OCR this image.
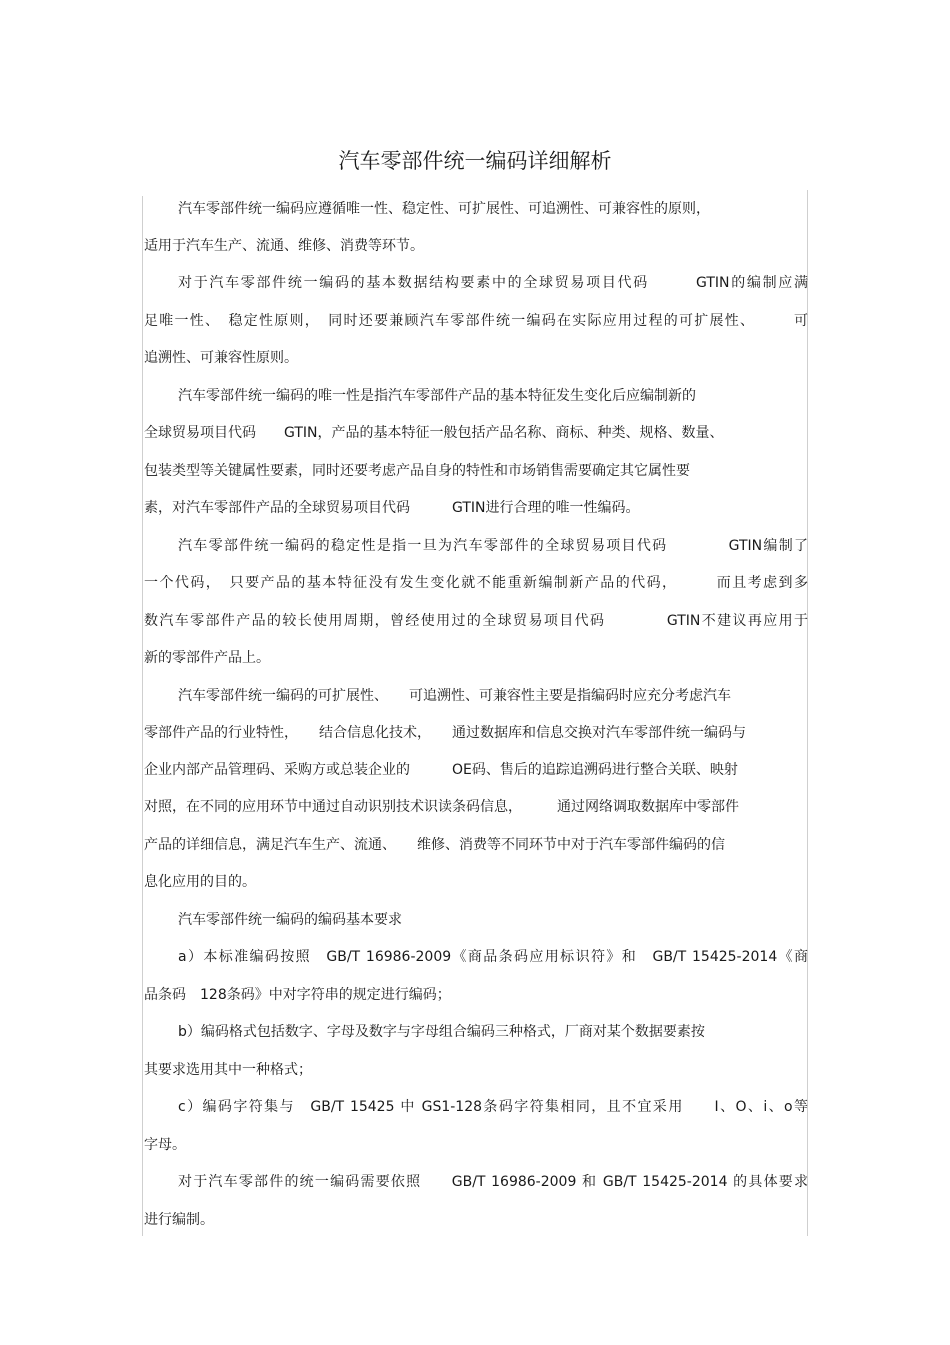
汽车零部件统一编码详细解析
汽车零部件统一编码应遵循唯一性、稳定性、可扩展性、可追溯性、可兼容性的原则，
适用于汽车生产、流通、维修、消费等环节。
对于汽车零部件统一编码的基本数据结构要素中的全球贸易项目代码　　　GTIN的编制应满
足唯一性、　稳定性原则，　同时还要兼顾汽车零部件统一编码在实际应用过程的可扩展性、　　　可
追溯性、可兼容性原则。
汽车零部件统一编码的唯一性是指汽车零部件产品的基本特征发生变化后应编制新的
全球贸易项目代码　　GTIN，产品的基本特征一般包括产品名称、商标、种类、规格、数量、
包装类型等关键属性要素，同时还要考虑产品自身的特性和市场销售需要确定其它属性要
素，对汽车零部件产品的全球贸易项目代码　　　GTIN进行合理的唯一性编码。
汽车零部件统一编码的稳定性是指一旦为汽车零部件的全球贸易项目代码　　　　GTIN编制了
一个代码，　只要产品的基本特征没有发生变化就不能重新编制新产品的代码，　　　而且考虑到多
数汽车零部件产品的较长使用周期，曾经使用过的全球贸易项目代码　　　　GTIN不建议再应用于
新的零部件产品上。
汽车零部件统一编码的可扩展性、　　可追溯性、可兼容性主要是指编码时应充分考虑汽车
零部件产品的行业特性，　　结合信息化技术，　　通过数据库和信息交换对汽车零部件统一编码与
企业内部产品管理码、采购方或总装企业的　　　OE码、售后的追踪追溯码进行整合关联、映射
对照，在不同的应用环节中通过自动识别技术识读条码信息，　　　通过网络调取数据库中零部件
产品的详细信息，满足汽车生产、流通、　　维修、消费等不同环节中对于汽车零部件编码的信
息化应用的目的。
汽车零部件统一编码的编码基本要求
a）本标准编码按照　GB/T 16986-2009《商品条码应用标识符》和　GB/T 15425-2014《商
品条码　128条码》中对字符串的规定进行编码；
b）编码格式包括数字、字母及数字与字母组合编码三种格式，厂商对某个数据要素按
其要求选用其中一种格式；
c）编码字符集与　GB/T 15425 中 GS1-128条码字符集相同，且不宜采用　　I、O、i、o等
字母。
对于汽车零部件的统一编码需要依照　　GB/T 16986-2009 和 GB/T 15425-2014 的具体要求
进行编制。
